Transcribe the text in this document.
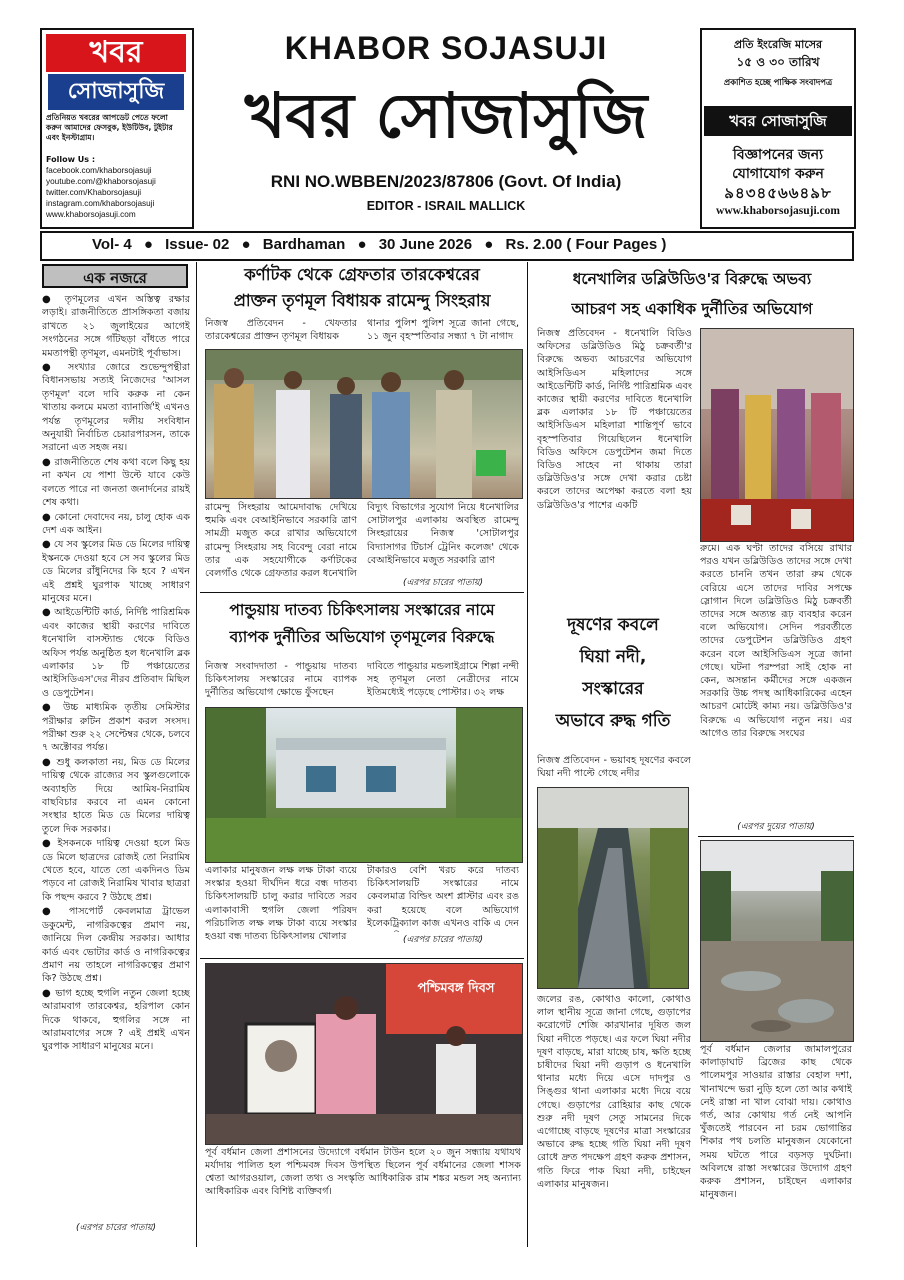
খবর
সোজাসুজি
প্রতিনিয়ত খবরের আপডেট পেতে ফলো করুন আমাদের ফেসবুক, ইউটিউব, টুইটার এবং ইনস্টাগ্রাম।
Follow Us :
facebook.com/khaborsojasuji
youtube.com/@khaborsojasuji
twitter.com/Khaborsojasuji
instagram.com/khaborsojasuji
www.khaborsojasuji.com
KHABOR SOJASUJI
খবর সোজাসুজি
RNI NO.WBBEN/2023/87806 (Govt. Of India)
EDITOR - ISRAIL MALLICK
প্রতি ইংরেজি মাসের
১৫ ও ৩০ তারিখ
প্রকাশিত হচ্ছে পাক্ষিক সংবাদপত্র
খবর সোজাসুজি
বিজ্ঞাপনের জন্য
যোগাযোগ করুন
৯৪৩৪৫৬৬৪৯৮
www.khaborsojasuji.com
Vol- 4 ● Issue- 02 ● Bardhaman ● 30 June 2026 ● Rs. 2.00 ( Four Pages )
এক নজরে
● তৃণমূলের এখন অস্তিত্ব রক্ষার লড়াই। রাজনীতিতে প্রাসঙ্গিকতা বজায় রাখতে ২১ জুলাইয়ের আগেই সংগঠনের সঙ্গে গাঁটছড়া বাঁধতে পারে মমতাপন্থী তৃণমূল, এমনটাই পূর্বাভাস।
● সংখ্যার জোরে শুভেন্দুপন্থীরা বিধানসভায় সত্যই নিজেদের 'আসল তৃণমূল' বলে দাবি করুক না কেন খাতায় কলমে মমতা ব্যানার্জি'ই এখনও পর্যন্ত তৃণমূলের দলীয় সংবিধান অনুযায়ী নির্বাচিত চেয়ারপারসন, তাকে সরানো এত সহজ নয়।
● রাজনীতিতে শেষ কথা বলে কিছু হয় না কখন যে পাশা উল্টে যাবে কেউ বলতে পারে না জনতা জনার্দনের রায়ই শেষ কথা।
● কোনো দেবাদেব নয়, চালু হোক এক দেশ এক আইন।
● যে সব স্কুলের মিড ডে মিলের দায়িত্ব ইস্কনকে দেওয়া হবে সে সব স্কুলের মিড ডে মিলের রাঁধুনিদের কি হবে ? এখন এই প্রশ্নই ঘুরপাক খাচ্ছে সাধারণ মানুষের মনে।
● আইডেন্টিটি কার্ড, নির্দিষ্ট পারিশ্রমিক এবং কাজের স্থায়ী করণের দাবিতে ধনেখালি বাসস্ট্যান্ড থেকে বিডিও অফিস পর্যন্ত অনুষ্ঠিত হল ধনেখালি ব্লক এলাকার ১৮ টি পঞ্চায়েতের আইসিডিএস'দের নীরব প্রতিবাদ মিছিল ও ডেপুটেশন।
● উচ্চ মাধ্যমিক তৃতীয় সেমিস্টার পরীক্ষার রুটিন প্রকাশ করল সংসদ। পরীক্ষা শুরু ২২ সেপ্টেম্বর থেকে, চলবে ৭ অক্টোবর পর্যন্ত।
● শুধু কলকাতা নয়, মিড ডে মিলের দায়িত্ব থেকে রাজ্যের সব স্কুলগুলোকে অব্যাহতি দিয়ে আমিষ-নিরামিষ বাছবিচার করবে না এমন কোনো সংস্থার হাতে মিড ডে মিলের দায়িত্ব তুলে দিক সরকার।
● ইসকনকে দায়িত্ব দেওয়া হলে মিড ডে মিলে ছাত্রদের রোজই তো নিরামিষ খেতে হবে, যাতে তো একদিনও ডিম পড়বে না রোজই নিরামিষ খাবার ছাত্ররা কি পছন্দ করবে ? উঠছে প্রশ্ন।
● পাসপোর্ট কেবলমাত্র ট্রাভেল ডকুমেন্ট, নাগরিকত্বের প্রমাণ নয়, জানিয়ে দিল কেন্দ্রীয় সরকার। আধার কার্ড এবং ভোটার কার্ড ও নাগরিকত্বের প্রমাণ নয় তাহলে নাগরিকত্বের প্রমাণ কি? উঠছে প্রশ্ন।
● ভাগ হচ্ছে হুগলি নতুন জেলা হচ্ছে আরামবাগ তারকেশ্বর, হরিপাল কোন দিকে থাকবে, হুগলির সঙ্গে না আরামবাগের সঙ্গে ? এই প্রশ্নই এখন ঘুরপাক সাধারণ মানুষের মনে।
(এরপর চারের পাতায়)
কর্ণাটক থেকে গ্রেফতার তারকেশ্বরের
প্রাক্তন তৃণমূল বিধায়ক রামেন্দু সিংহরায়
নিজস্ব প্রতিবেদন - খেফতার তারকেশ্বরের প্রাক্তন তৃণমূল বিধায়ক
থানার পুলিশ পুলিশ সূত্রে জানা গেছে, ১১ জুন বৃহস্পতিবার সন্ধ্যা ৭ টা নাগাদ
রামেন্দু সিংহরায় আমেদাবাদ্ধ দেখিয়ে হুমকি এবং বেআইনিভাবে সরকারি ত্রাণ সামগ্রী মজুত করে রাখার অভিযোগে রামেন্দু সিংহরায় সহ বিবেন্দু বেরা নামে তার এক সহযোগীকে কর্ণাটকের বেলগাঁও থেকে গ্রেফতার করল ধনেখালি
বিদ্যুৎ বিভাগের সুযোগ নিয়ে ধনেখালির সোটালপুর এলাকায় অবস্থিত রামেন্দু সিংহরায়ের নিজস্ব 'সোটালপুর বিদ্যাসাগর টিচার্স ট্রেনিং কলেজ' থেকে বেআইনিভাবে মজুত সরকারি ত্রাণ
(এরপর চারের পাতায়)
পান্ডুয়ায় দাতব্য চিকিৎসালয় সংস্কারের নামে
ব্যাপক দুর্নীতির অভিযোগ তৃণমূলের বিরুদ্ধে
নিজস্ব সংবাদদাতা - পান্ডুয়ায় দাতব্য চিকিৎসালয় সংস্কারের নামে ব্যাপক দুর্নীতির অভিযোগ ক্ষোভে ফুঁসছেন
দাবিতে পান্ডুয়ার মন্ডলাইগ্রামে শিল্পা নন্দী সহ তৃণমূল নেতা নেত্রীদের নামে ইতিমধ্যেই পড়েছে পোস্টার। ৩২ লক্ষ
এলাকার মানুষজন লক্ষ লক্ষ টাকা ব্যয়ে সংস্কার হওয়া দীর্ঘদিন ধরে বন্ধ দাতব্য চিকিৎসালয়টি চালু করার দাবিতে সরব এলাকাবাসী হুগলি জেলা পরিষদ পরিচালিত লক্ষ লক্ষ টাকা ব্যয়ে সংস্কার হওয়া বন্ধ দাতব্য চিকিৎসালয় খোলার
টাকারও বেশি খরচ করে দাতব্য চিকিৎসালয়টি সংস্কারের নামে কেবলমাত্র বিল্ডিং অংশ প্লাস্টার এবং রঙ করা হয়েছে বলে অভিযোগ ইলেকট্রিক্যাল কাজ এখনও বাকি এ দেন
(এরপর চারের পাতায়)
পশ্চিমবঙ্গ দিবস
পূর্ব বর্ধমান জেলা প্রশাসনের উদ্যোগে বর্ধমান টাউন হলে ২০ জুন সন্ধ্যায় যথাযথ মর্যাদায় পালিত হল পশ্চিমবঙ্গ দিবস উপস্থিত ছিলেন পূর্ব বর্ধমানের জেলা শাসক শ্বেতা আগরওয়াল, জেলা তথ্য ও সংস্কৃতি আধিকারিক রাম শঙ্কর মন্ডল সহ অন্যান্য আধিকারিক এবং বিশিষ্ট ব্যক্তিবর্গ।
ধনেখালির ডব্লিউডিও'র বিরুদ্ধে অভব্য
আচরণ সহ একাধিক দুর্নীতির অভিযোগ
নিজস্ব প্রতিবেদন - ধনেখালি বিডিও অফিসের ডব্লিউডিও মিঠু চক্রবর্তী'র বিরুদ্ধে অভব্য আচরণের অভিযোগ আইসিডিএস মহিলাদের সঙ্গে আইডেন্টিটি কার্ড, নির্দিষ্ট পারিশ্রমিক এবং কাজের স্থায়ী করণের দাবিতে ধনেখালি ব্লক এলাকার ১৮ টি পঞ্চায়েতের আইসিডিএস মহিলারা শান্তিপূর্ণ ভাবে বৃহস্পতিবার গিয়েছিলেন ধনেখালি বিডিও অফিসে ডেপুটেশন জমা দিতে বিডিও সাহেব না থাকায় তারা ডব্লিউডিও'র সঙ্গে দেখা করার চেষ্টা করলে তাদের অপেক্ষা করতে বলা হয় ডব্লিউডিও'র পাশের একটি
রুমে। এক ঘণ্টা তাদের বসিয়ে রাখার পরও যখন ডব্লিউডিও তাদের সঙ্গে দেখা করতে চাননি তখন তারা রুম থেকে বেরিয়ে এসে তাদের দাবির সপক্ষে স্লোগান দিলে ডব্লিউডিও মিঠু চক্রবর্তী তাদের সঙ্গে অত্যন্ত রূঢ় ব্যবহার করেন বলে অভিযোগ। সেদিন পরবর্তীতে তাদের ডেপুটেশন ডব্লিউডিও গ্রহণ করেন বলে আইসিডিএস সূত্রে জানা গেছে। ঘটনা পরম্পরা সাই হোক না কেন, অসন্তান কর্মীদের সঙ্গে একজন সরকারি উচ্চ পদস্থ আধিকারিকের এহেন আচরণ মোটেই কাম্য নয়। ডব্লিউডিও'র বিরুদ্ধে এ অভিযোগ নতুন নয়। এর আগেও তার বিরুদ্ধে সংঘের
(এরপর দুয়ের পাতায়)
দূষণের কবলে
ঘিয়া নদী,
সংস্কারের
অভাবে রুদ্ধ গতি
নিজস্ব প্রতিবেদন - ভয়াবহ দূষণের কবলে ঘিয়া নদী পাল্টে গেছে নদীর
জলের রঙ, কোথাও কালো, কোথাও লাল স্থানীয় সূত্রে জানা গেছে, গুড়াপের করোগেট শেজি কারখানার দূষিত জল ঘিয়া নদীতে পড়ছে। এর ফলে ঘিয়া নদীর দূষণ বাড়ছে, মারা যাচ্ছে চাষ, ক্ষতি হচ্ছে চাষীদের ঘিয়া নদী গুড়াপ ও ধনেখালি থানার মধ্যে দিয়ে এসে দাদপুর ও সিঙ্গুর থানা এলাকার মধ্যে দিয়ে বয়ে গেছে। গুড়াপের রোহিয়ার কাছ থেকে শুরু নদী দূষণ সেতু সামনের দিকে এগোচ্ছে বাড়ছে দূষণের মাত্রা সংস্কারের অভাবে রুদ্ধ হচ্ছে গতি ঘিয়া নদী দূষণ রোধে দ্রুত পদক্ষেপ গ্রহণ করুক প্রশাসন, গতি ফিরে পাক ঘিয়া নদী, চাইছেন এলাকার মানুষজন।
পূর্ব বর্ধমান জেলার জামালপুরের কালাড়াঘাট ব্রিজের কাছ থেকে পালেমপুর সাওয়ার রাস্তার বেহাল দশা, খানাখন্দে ভরা নুড়ি হলে তো আর কথাই নেই রাস্তা না খাল বোঝা দায়। কোথাও গর্ত, আর কোথায় গর্ত নেই আপনি খুঁজতেই পারবেন না চরম ভোগান্তির শিকার পথ চলতি মানুষজন যেকোনো সময় ঘটতে পারে বড়সড় দুর্ঘটনা। অবিলম্বে রাস্তা সংস্কারের উদ্যোগ গ্রহণ করুক প্রশাসন, চাইছেন এলাকার মানুষজন।
